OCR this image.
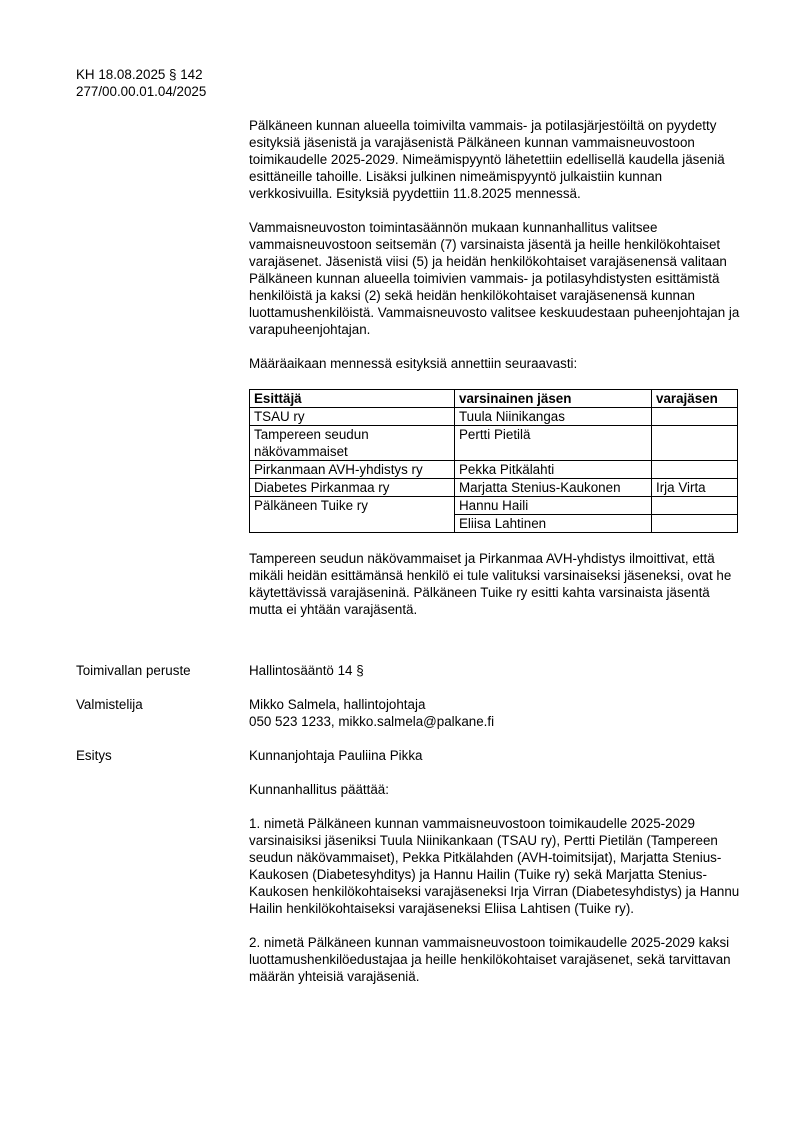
KH 18.08.2025 § 142
277/00.00.01.04/2025

Pälkäneen kunnan alueella toimivilta vammais- ja potilasjärjestöiltä on pyydetty esityksiä jäsenistä ja varajäsenistä Pälkäneen kunnan vammaisneuvostoon toimikaudelle 2025-2029. Nimeämispyyntö lähetettiin edellisellä kaudella jäseniä esittäneille tahoille. Lisäksi julkinen nimeämispyyntö julkaistiin kunnan verkkosivuilla. Esityksiä pyydettiin 11.8.2025 mennessä.

Vammaisneuvoston toimintasäännön mukaan kunnanhallitus valitsee vammaisneuvostoon seitsemän (7) varsinaista jäsentä ja heille henkilökohtaiset varajäsenet. Jäsenistä viisi (5) ja heidän henkilökohtaiset varajäsenensä valitaan Pälkäneen kunnan alueella toimivien vammais- ja potilasyhdistysten esittämistä henkilöistä ja kaksi (2) sekä heidän henkilökohtaiset varajäsenensä kunnan luottamushenkilöistä. Vammaisneuvosto valitsee keskuudestaan puheenjohtajan ja varapuheenjohtajan.

Määräaikaan mennessä esityksiä annettiin seuraavasti:

Esittäjä	varsinainen jäsen	varajäsen
TSAU ry	Tuula Niinikangas	
Tampereen seudun näkövammaiset	Pertti Pietilä	
Pirkanmaan AVH-yhdistys ry	Pekka Pitkälahti	
Diabetes Pirkanmaa ry	Marjatta Stenius-Kaukonen	Irja Virta
Pälkäneen Tuike ry	Hannu Haili	
	Eliisa Lahtinen	

Tampereen seudun näkövammaiset ja Pirkanmaa AVH-yhdistys ilmoittivat, että mikäli heidän esittämänsä henkilö ei tule valituksi varsinaiseksi jäseneksi, ovat he käytettävissä varajäseninä. Pälkäneen Tuike ry esitti kahta varsinaista jäsentä mutta ei yhtään varajäsentä.

Toimivallan peruste	Hallintosääntö 14 §
Valmistelija	Mikko Salmela, hallintojohtaja
050 523 1233, mikko.salmela@palkane.fi
Esitys	Kunnanjohtaja Pauliina Pikka

Kunnanhallitus päättää:

1. nimetä Pälkäneen kunnan vammaisneuvostoon toimikaudelle 2025-2029 varsinaisiksi jäseniksi Tuula Niinikankaan (TSAU ry), Pertti Pietilän (Tampereen seudun näkövammaiset), Pekka Pitkälahden (AVH-toimitsijat), Marjatta Stenius-Kaukosen (Diabetesyhditys) ja Hannu Hailin (Tuike ry) sekä Marjatta Stenius-Kaukosen henkilökohtaiseksi varajäseneksi Irja Virran (Diabetesyhdistys) ja Hannu Hailin henkilökohtaiseksi varajäseneksi Eliisa Lahtisen (Tuike ry).

2. nimetä Pälkäneen kunnan vammaisneuvostoon toimikaudelle 2025-2029 kaksi luottamushenkilöedustajaa ja heille henkilökohtaiset varajäsenet, sekä tarvittavan määrän yhteisiä varajäseniä.
